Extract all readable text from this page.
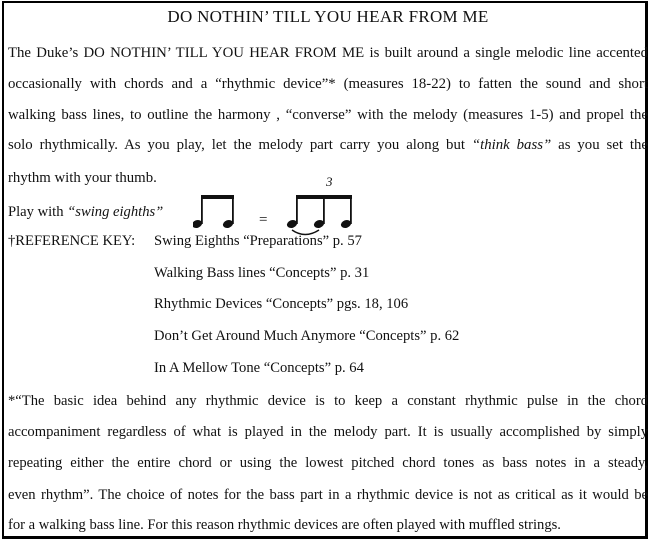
DO NOTHIN’ TILL YOU HEAR FROM ME
The Duke’s DO NOTHIN’ TILL YOU HEAR FROM ME is built around a single melodic line accented
occasionally with chords and a “rhythmic device”* (measures 18-22) to fatten the sound and short
walking bass lines, to outline the harmony , “converse” with the melody (measures 1-5) and propel the
solo rhythmically. As you play, let the melody part carry you along but “think bass” as you set the
rhythm with your thumb.
Play with “swing eighths”	=
3
†REFERENCE KEY: Swing Eighths “Preparations” p. 57
Walking Bass lines “Concepts” p. 31
Rhythmic Devices “Concepts” pgs. 18, 106
Don’t Get Around Much Anymore “Concepts” p. 62
In A Mellow Tone “Concepts” p. 64
*“The basic idea behind any rhythmic device is to keep a constant rhythmic pulse in the chord
accompaniment regardless of what is played in the melody part. It is usually accomplished by simply
repeating either the entire chord or using the lowest pitched chord tones as bass notes in a steady,
even rhythm”. The choice of notes for the bass part in a rhythmic device is not as critical as it would be
for a walking bass line. For this reason rhythmic devices are often played with muffled strings.
